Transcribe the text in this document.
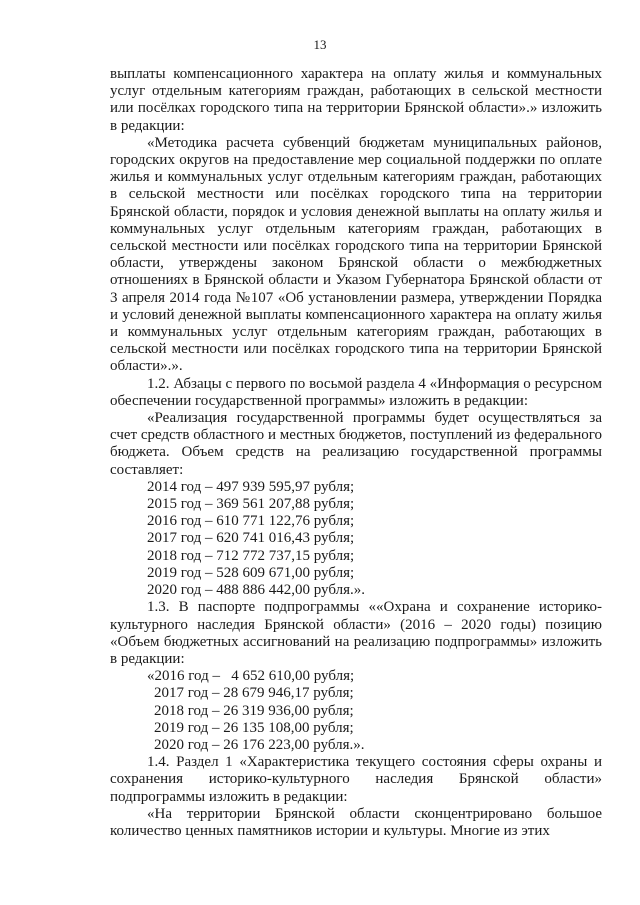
13

выплаты компенсационного характера на оплату жилья и коммунальных услуг отдельным категориям граждан, работающих в сельской местности или посёлках городского типа на территории Брянской области».» изложить в редакции:

«Методика расчета субвенций бюджетам муниципальных районов, городских округов на предоставление мер социальной поддержки по оплате жилья и коммунальных услуг отдельным категориям граждан, работающих в сельской местности или посёлках городского типа на территории Брянской области, порядок и условия денежной выплаты на оплату жилья и коммунальных услуг отдельным категориям граждан, работающих в сельской местности или посёлках городского типа на территории Брянской области, утверждены законом Брянской области о межбюджетных отношениях в Брянской области и Указом Губернатора Брянской области от 3 апреля 2014 года №107 «Об установлении размера, утверждении Порядка и условий денежной выплаты компенсационного характера на оплату жилья и коммунальных услуг отдельным категориям граждан, работающих в сельской местности или посёлках городского типа на территории Брянской области».».

1.2. Абзацы с первого по восьмой раздела 4 «Информация о ресурсном обеспечении государственной программы» изложить в редакции:

«Реализация государственной программы будет осуществляться за счет средств областного и местных бюджетов, поступлений из федерального бюджета. Объем средств на реализацию государственной программы составляет:

2014 год – 497 939 595,97 рубля;

2015 год – 369 561 207,88 рубля;

2016 год – 610 771 122,76 рубля;

2017 год – 620 741 016,43 рубля;

2018 год – 712 772 737,15 рубля;

2019 год – 528 609 671,00 рубля;

2020 год – 488 886 442,00 рубля.».

1.3. В паспорте подпрограммы ««Охрана и сохранение историко-культурного наследия Брянской области» (2016 – 2020 годы) позицию «Объем бюджетных ассигнований на реализацию подпрограммы» изложить в редакции:

«2016 год –   4 652 610,00 рубля;

2017 год – 28 679 946,17 рубля;

2018 год – 26 319 936,00 рубля;

2019 год – 26 135 108,00 рубля;

2020 год – 26 176 223,00 рубля.».

1.4. Раздел 1 «Характеристика текущего состояния сферы охраны и сохранения историко-культурного наследия Брянской области» подпрограммы изложить в редакции:

«На территории Брянской области сконцентрировано большое количество ценных памятников истории и культуры. Многие из этих
